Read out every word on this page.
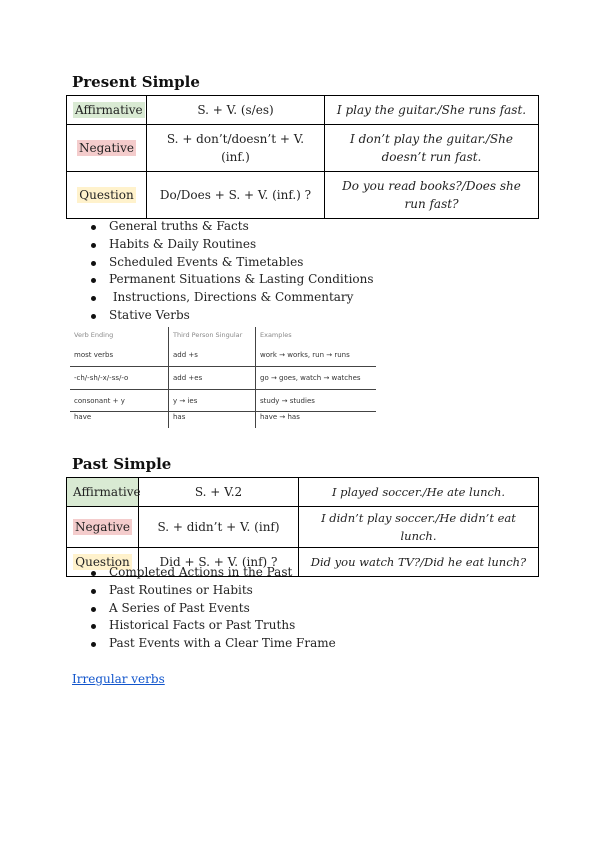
Present Simple
Affirmative	S. + V. (s/es)	I play the guitar./She runs fast.
Negative	S. + don’t/doesn’t + V. (inf.)	I don’t play the guitar./She doesn’t run fast.
Question	Do/Does + S. + V. (inf.) ?	Do you read books?/Does she run fast?
General truths & Facts
Habits & Daily Routines
Scheduled Events & Timetables
Permanent Situations & Lasting Conditions
Instructions, Directions & Commentary
Stative Verbs
Verb Ending	Third Person Singular	Examples
most verbs	add +s	work → works, run → runs
-ch/-sh/-x/-ss/-o	add +es	go → goes, watch → watches
consonant + y	y → ies	study → studies
have	has	have → has
Past Simple
Affirmative	S. + V.2	I played soccer./He ate lunch.
Negative	S. + didn’t + V. (inf)	I didn’t play soccer./He didn’t eat lunch.
Question	Did + S. + V. (inf) ?	Did you watch TV?/Did he eat lunch?
Completed Actions in the Past
Past Routines or Habits
A Series of Past Events
Historical Facts or Past Truths
Past Events with a Clear Time Frame
Irregular verbs
